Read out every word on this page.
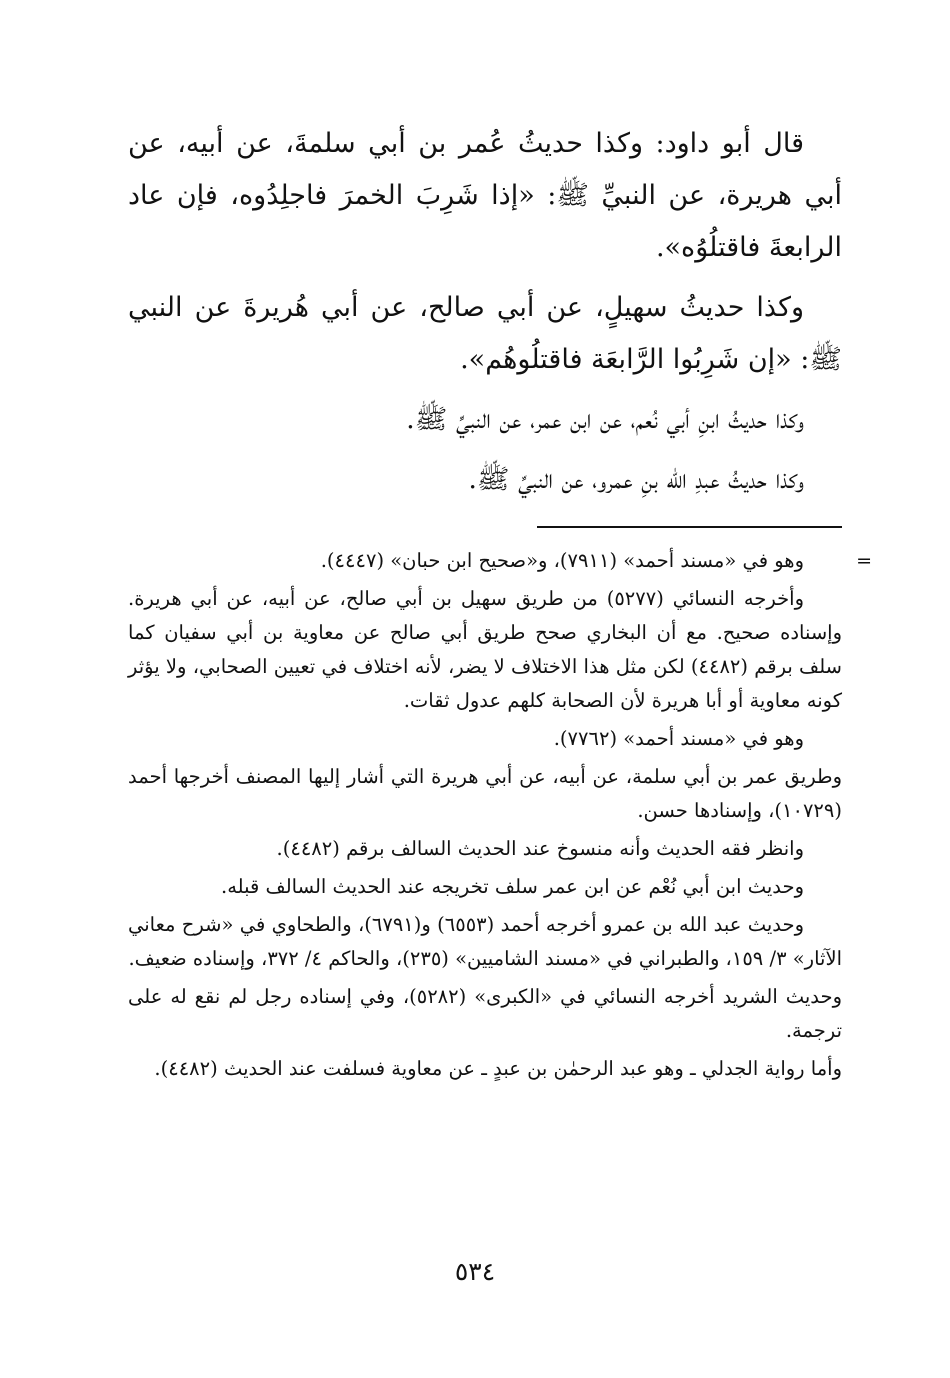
قال أبو داود: وكذا حديثُ عُمر بن أبي سلمةَ، عن أبيه، عن أبي هريرة، عن النبيِّ ﷺ: «إذا شَرِبَ الخمرَ فاجلِدُوه، فإن عاد الرابعةَ فاقتلُوُه».

وكذا حديثُ سهيلٍ، عن أبي صالح، عن أبي هُريرةَ عن النبي ﷺ: «إن شَرِبُوا الرَّابعَة فاقتلُوهُم».

وكذا حديثُ ابنِ أبي نُعم، عن ابن عمر، عن النبيِّ ﷺ.

وكذا حديثُ عبدِ الله بنِ عمرو، عن النبيِّ ﷺ.

=

وهو في «مسند أحمد» (٧٩١١)، و«صحيح ابن حبان» (٤٤٤٧).

وأخرجه النسائي (٥٢٧٧) من طريق سهيل بن أبي صالح، عن أبيه، عن أبي هريرة. وإسناده صحيح. مع أن البخاري صحح طريق أبي صالح عن معاوية بن أبي سفيان كما سلف برقم (٤٤٨٢) لكن مثل هذا الاختلاف لا يضر، لأنه اختلاف في تعيين الصحابي، ولا يؤثر كونه معاوية أو أبا هريرة لأن الصحابة كلهم عدول ثقات.

وهو في «مسند أحمد» (٧٧٦٢).

وطريق عمر بن أبي سلمة، عن أبيه، عن أبي هريرة التي أشار إليها المصنف أخرجها أحمد (١٠٧٢٩)، وإسنادها حسن.

وانظر فقه الحديث وأنه منسوخ عند الحديث السالف برقم (٤٤٨٢).

وحديث ابن أبي نُعْم عن ابن عمر سلف تخريجه عند الحديث السالف قبله.

وحديث عبد الله بن عمرو أخرجه أحمد (٦٥٥٣) و(٦٧٩١)، والطحاوي في «شرح معاني الآثار» ٣/ ١٥٩، والطبراني في «مسند الشاميين» (٢٣٥)، والحاكم ٤/ ٣٧٢، وإسناده ضعيف.

وحديث الشريد أخرجه النسائي في «الكبرى» (٥٢٨٢)، وفي إسناده رجل لم نقع له على ترجمة.

وأما رواية الجدلي ـ وهو عبد الرحمٰن بن عبدٍ ـ عن معاوية فسلفت عند الحديث (٤٤٨٢).

٥٣٤
